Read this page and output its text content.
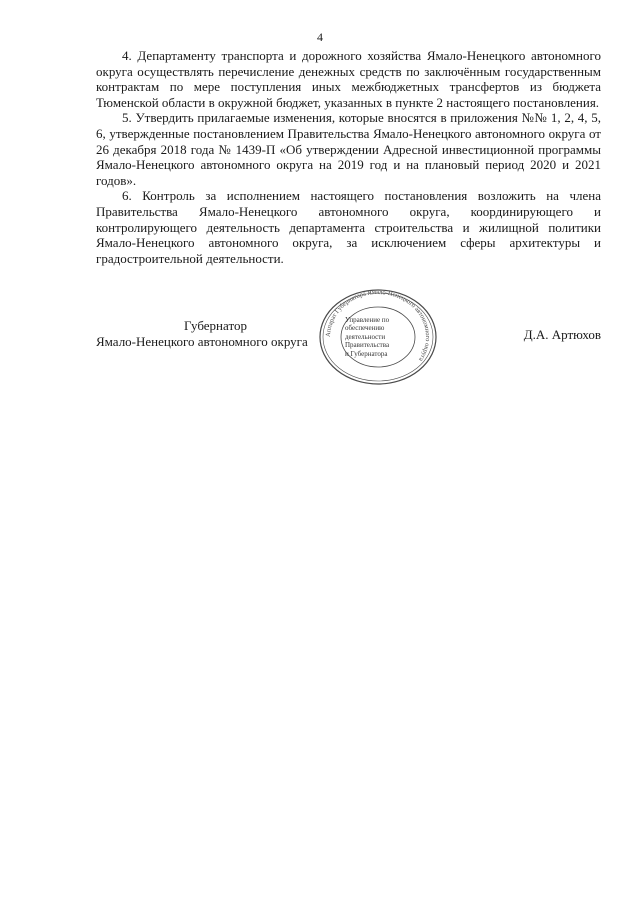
4

4. Департаменту транспорта и дорожного хозяйства Ямало-Ненецкого автономного округа осуществлять перечисление денежных средств по заключённым государственным контрактам по мере поступления иных межбюджетных трансфертов из бюджета Тюменской области в окружной бюджет, указанных в пункте 2 настоящего постановления.

5. Утвердить прилагаемые изменения, которые вносятся в приложения №№ 1, 2, 4, 5, 6, утвержденные постановлением Правительства Ямало-Ненецкого автономного округа от 26 декабря 2018 года № 1439-П «Об утверждении Адресной инвестиционной программы Ямало-Ненецкого автономного округа на 2019 год и на плановый период 2020 и 2021 годов».

6. Контроль за исполнением настоящего постановления возложить на члена Правительства Ямало-Ненецкого автономного округа, координирующего и контролирующего деятельность департамента строительства и жилищной политики Ямало-Ненецкого автономного округа, за исключением сферы архитектуры и градостроительной деятельности.

Губернатор
Ямало-Ненецкого автономного округа	Д.А. Артюхов
Аппарат Губернатора Ямало-Ненецкого автономного округа
Управление по
обеспечению
деятельности
Правительства
и Губернатора
